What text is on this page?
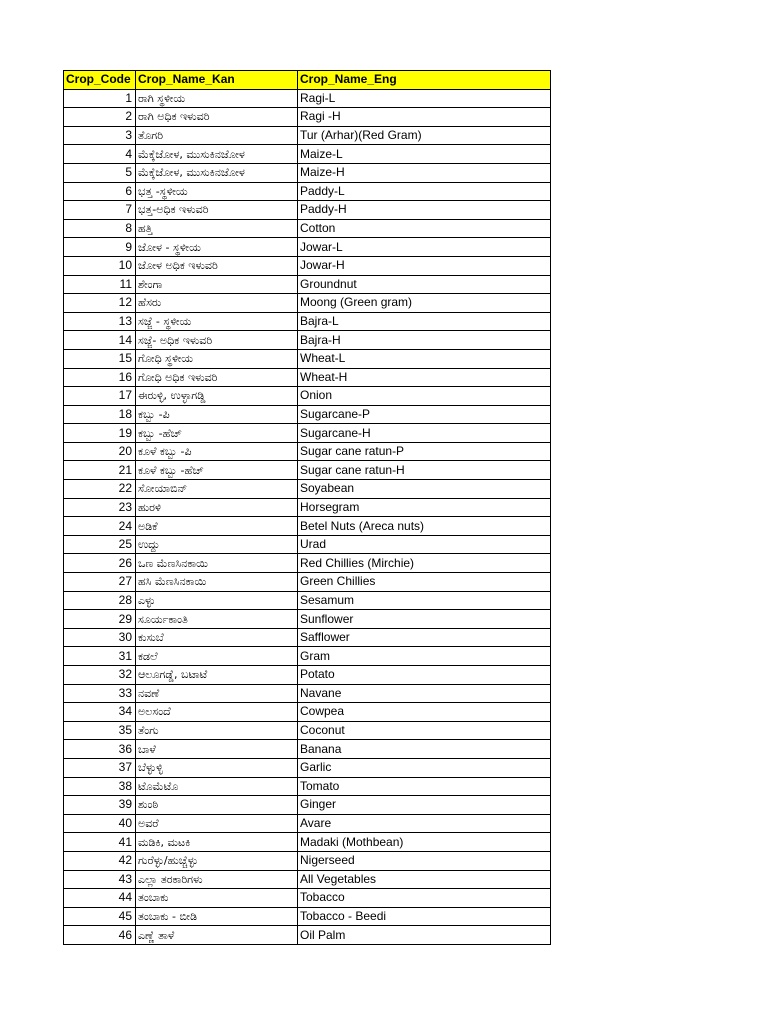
Crop_Code	Crop_Name_Kan	Crop_Name_Eng
1	ರಾಗಿ ಸ್ಥಳೀಯ	Ragi-L
2	ರಾಗಿ ಅಧಿಕ ಇಳುವರಿ	Ragi -H
3	ತೊಗರಿ	Tur (Arhar)(Red Gram)
4	ಮೆಕ್ಕೆಜೋಳ, ಮುಸುಕಿನಜೋಳ	Maize-L
5	ಮೆಕ್ಕೆಜೋಳ, ಮುಸುಕಿನಜೋಳ	Maize-H
6	ಭತ್ತ -ಸ್ಥಳೀಯ	Paddy-L
7	ಭತ್ತ-ಅಧಿಕ ಇಳುವರಿ	Paddy-H
8	ಹತ್ತಿ	Cotton
9	ಜೋಳ - ಸ್ಥಳೀಯ	Jowar-L
10	ಜೋಳ ಅಧಿಕ ಇಳುವರಿ	Jowar-H
11	ಶೇಂಗಾ	Groundnut
12	ಹೆಸರು	Moong (Green gram)
13	ಸಜ್ಜೆ - ಸ್ಥಳೀಯ	Bajra-L
14	ಸಜ್ಜೆ- ಅಧಿಕ ಇಳುವರಿ	Bajra-H
15	ಗೋಧಿ ಸ್ಥಳೀಯ	Wheat-L
16	ಗೋಧಿ ಅಧಿಕ ಇಳುವರಿ	Wheat-H
17	ಈರುಳ್ಳಿ, ಉಳ್ಳಾಗಡ್ಡಿ	Onion
18	ಕಬ್ಬು -ಪಿ	Sugarcane-P
19	ಕಬ್ಬು -ಹೆಚ್	Sugarcane-H
20	ಕೂಳೆ ಕಬ್ಬು -ಪಿ	Sugar cane ratun-P
21	ಕೂಳೆ ಕಬ್ಬು -ಹೆಚ್	Sugar cane ratun-H
22	ಸೋಯಾಬಿನ್	Soyabean
23	ಹುರಳಿ	Horsegram
24	ಅಡಿಕೆ	Betel Nuts (Areca nuts)
25	ಉದ್ದು	Urad
26	ಒಣ ಮೆಣಸಿನಕಾಯಿ	Red Chillies (Mirchie)
27	ಹಸಿ ಮೆಣಸಿನಕಾಯಿ	Green Chillies
28	ಎಳ್ಳು	Sesamum
29	ಸೂರ್ಯಕಾಂತಿ	Sunflower
30	ಕುಸುಬೆ	Safflower
31	ಕಡಲೆ	Gram
32	ಆಲೂಗಡ್ಡೆ, ಬಟಾಟೆ	Potato
33	ನವಣೆ	Navane
34	ಅಲಸಂದೆ	Cowpea
35	ತೆಂಗು	Coconut
36	ಬಾಳೆ	Banana
37	ಬೆಳ್ಳುಳ್ಳಿ	Garlic
38	ಟೊಮೆಟೊ	Tomato
39	ಶುಂಠಿ	Ginger
40	ಅವರೆ	Avare
41	ಮಡಿಕಿ, ಮಟಕಿ	Madaki (Mothbean)
42	ಗುರೆಳ್ಳು/ಹುಚ್ಚೆಳ್ಳು	Nigerseed
43	ಎಲ್ಲಾ ತರಕಾರಿಗಳು	All Vegetables
44	ತಂಬಾಕು	Tobacco
45	ತಂಬಾಕು - ಬೀಡಿ	Tobacco - Beedi
46	ಎಣ್ಣೆ ತಾಳೆ	Oil Palm
